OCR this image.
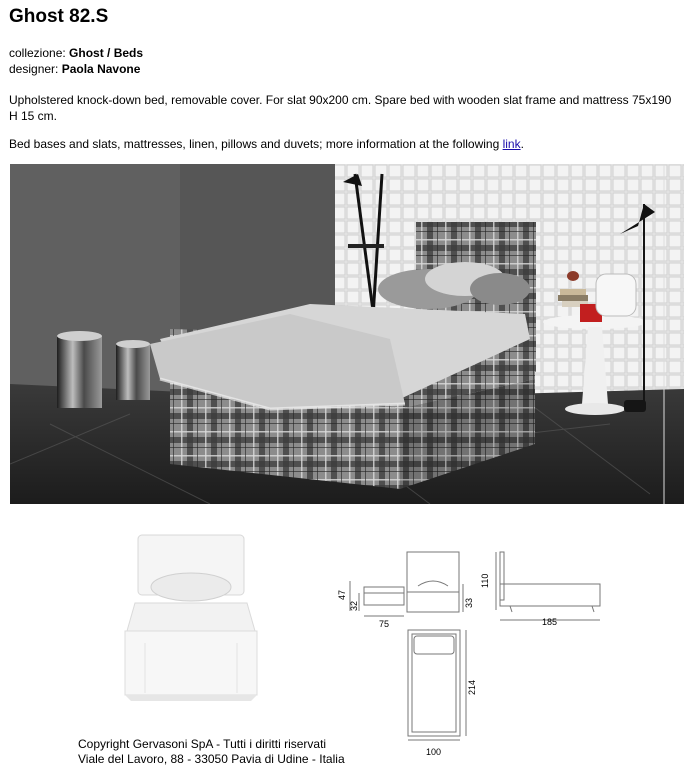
Ghost 82.S
collezione: Ghost / Beds
designer: Paola Navone
Upholstered knock-down bed, removable cover. For slat 90x200 cm. Spare bed with wooden slat frame and mattress 75x190 H 15 cm.
Bed bases and slats, mattresses, linen, pillows and duvets; more information at the following link.
47
32
75
33
110
185
214
100
Copyright Gervasoni SpA - Tutti i diritti riservati
Viale del Lavoro, 88 - 33050 Pavia di Udine - Italia
